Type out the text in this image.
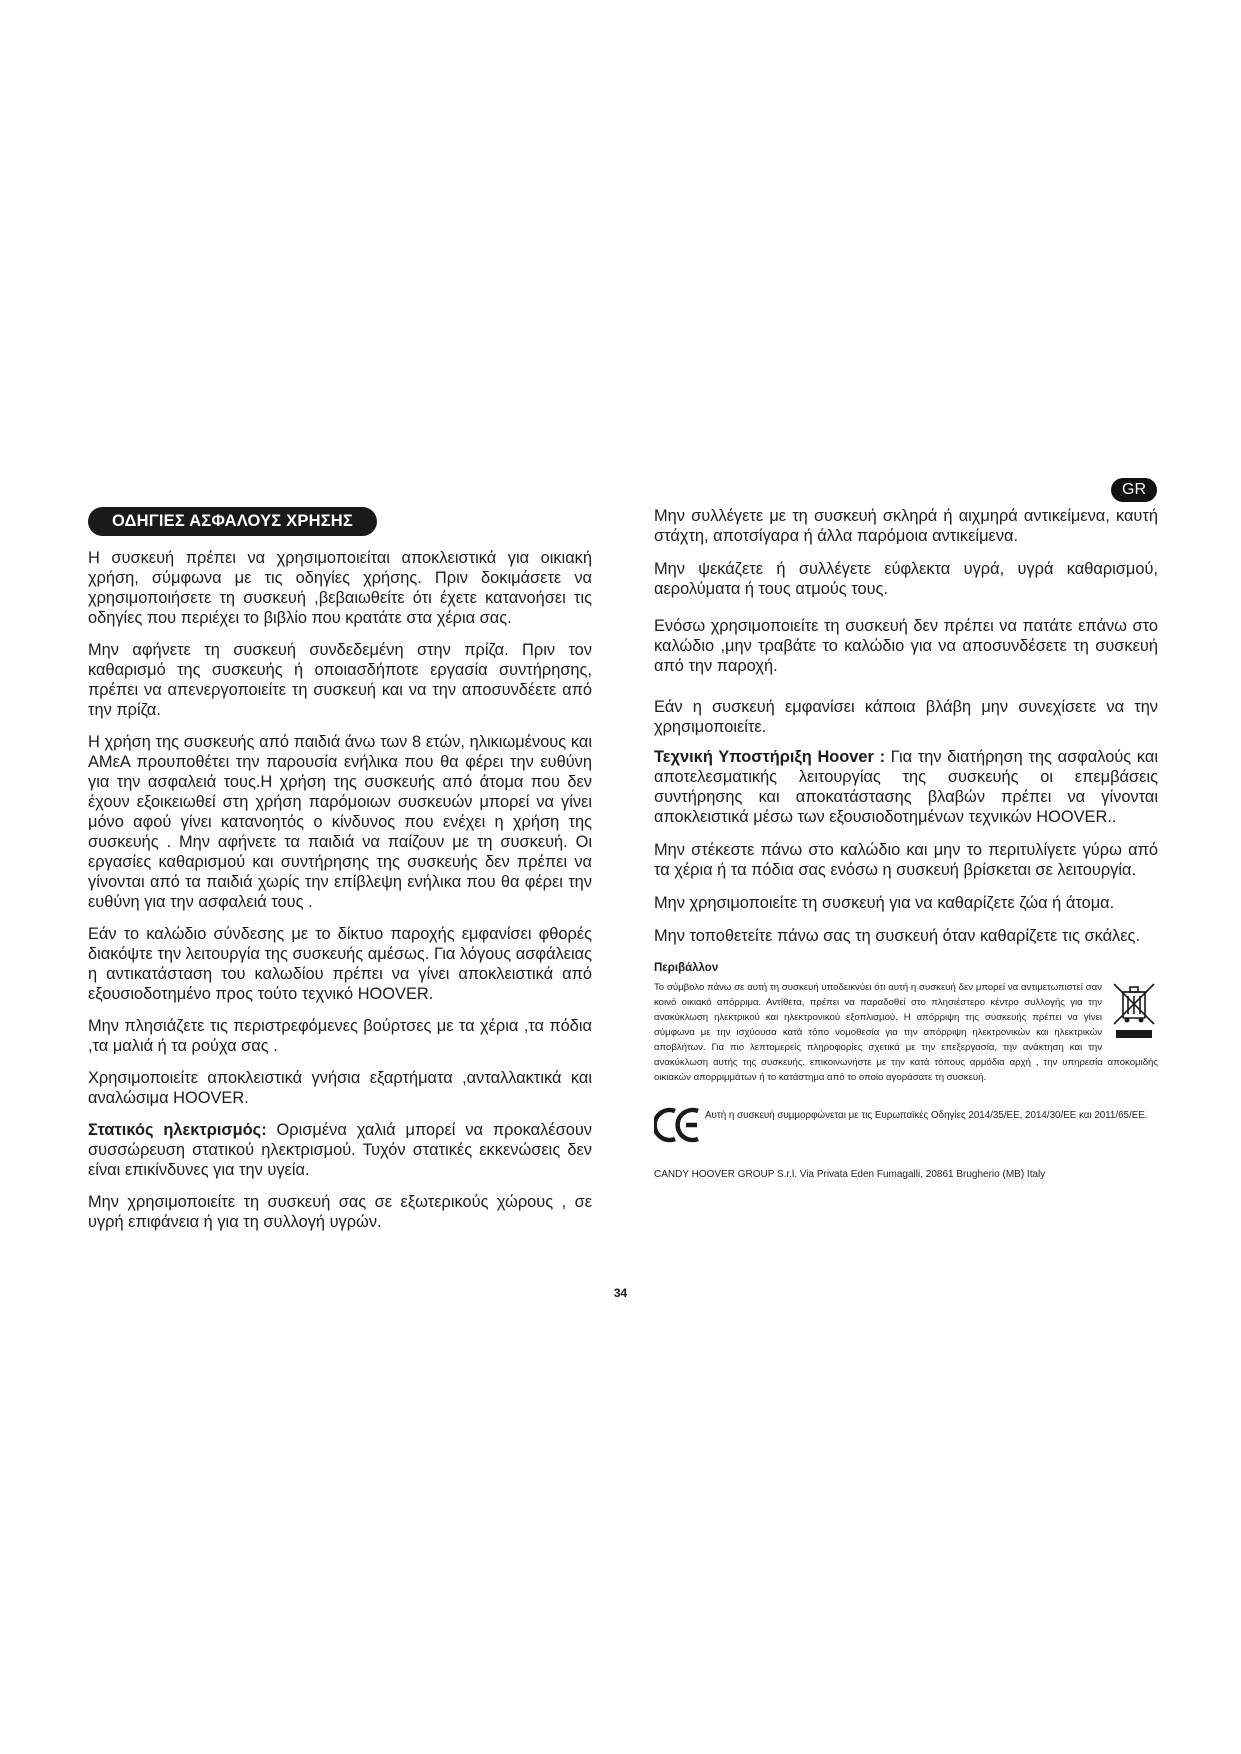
GR
ΟΔΗΓΙΕΣ ΑΣΦΑΛΟΥΣ ΧΡΗΣΗΣ

Η συσκευή πρέπει να χρησιμοποιείται αποκλειστικά για οικιακή χρήση, σύμφωνα με τις οδηγίες χρήσης. Πριν δοκιμάσετε να χρησιμοποιήσετε τη συσκευή ,βεβαιωθείτε ότι έχετε κατανοήσει τις οδηγίες που περιέχει το βιβλίο που κρατάτε στα χέρια σας.

Μην αφήνετε τη συσκευή συνδεδεμένη στην πρίζα. Πριν τον καθαρισμό της συσκευής ή οποιασδήποτε εργασία συντήρησης, πρέπει να απενεργοποιείτε τη συσκευή και να την αποσυνδέετε από την πρίζα.

Η χρήση της συσκευής από παιδιά άνω των 8 ετών, ηλικιωμένους και ΑΜεΑ προυποθέτει την παρουσία ενήλικα που θα φέρει την ευθύνη για την ασφαλειά τους.Η χρήση της συσκευής από άτομα που δεν έχουν εξοικειωθεί στη χρήση παρόμοιων συσκευών μπορεί να γίνει μόνο αφού γίνει κατανοητός ο κίνδυνος που ενέχει η χρήση της συσκευής . Μην αφήνετε τα παιδιά να παίζουν με τη συσκευή. Οι εργασίες καθαρισμού και συντήρησης της συσκευής δεν πρέπει να γίνονται από τα παιδιά χωρίς την επίβλεψη ενήλικα που θα φέρει την ευθύνη για την ασφαλειά τους .

Εάν το καλώδιο σύνδεσης με το δίκτυο παροχής εμφανίσει φθορές διακόψτε την λειτουργία της συσκευής αμέσως. Για λόγους ασφάλειας η αντικατάσταση του καλωδίου πρέπει να γίνει αποκλειστικά από εξουσιοδοτημένο προς τούτο τεχνικό HOOVER.

Μην πλησιάζετε τις περιστρεφόμενες βούρτσες με τα χέρια ,τα πόδια ,τα μαλιά ή τα ρούχα σας .

Χρησιμοποιείτε αποκλειστικά γνήσια εξαρτήματα ,ανταλλακτικά και αναλώσιμα HOOVER.

Στατικός ηλεκτρισμός: Ορισμένα χαλιά μπορεί να προκαλέσουν συσσώρευση στατικού ηλεκτρισμού. Τυχόν στατικές εκκενώσεις δεν είναι επικίνδυνες για την υγεία.

Μην χρησιμοποιείτε τη συσκευή σας σε εξωτερικούς χώρους , σε υγρή επιφάνεια ή για τη συλλογή υγρών.

Μην συλλέγετε με τη συσκευή σκληρά ή αιχμηρά αντικείμενα, καυτή στάχτη, αποτσίγαρα ή άλλα παρόμοια αντικείμενα.

Μην ψεκάζετε ή συλλέγετε εύφλεκτα υγρά, υγρά καθαρισμού, αερολύματα ή τους ατμούς τους.

Ενόσω χρησιμοποιείτε τη συσκευή δεν πρέπει να πατάτε επάνω στο καλώδιο ,μην τραβάτε το καλώδιο για να αποσυνδέσετε τη συσκευή από την παροχή.

Εάν η συσκευή εμφανίσει κάποια βλάβη μην συνεχίσετε να την χρησιμοποιείτε.

Τεχνική Υποστήριξη Hoover : Για την διατήρηση της ασφαλούς και αποτελεσματικής λειτουργίας της συσκευής οι επεμβάσεις συντήρησης και αποκατάστασης βλαβών πρέπει να γίνονται αποκλειστικά μέσω των εξουσιοδοτημένων τεχνικών HOOVER..

Μην στέκεστε πάνω στο καλώδιο και μην το περιτυλίγετε γύρω από τα χέρια ή τα πόδια σας ενόσω η συσκευή βρίσκεται σε λειτουργία.

Μην χρησιμοποιείτε τη συσκευή για να καθαρίζετε ζώα ή άτομα.

Μην τοποθετείτε πάνω σας τη συσκευή όταν καθαρίζετε τις σκάλες.

Περιβάλλον

Το σύμβολο πάνω σε αυτή τη συσκευή υποδεικνύει ότι αυτή η συσκευή δεν μπορεί να αντιμετωπιστεί σαν κοινό οικιακό απόρριμα. Αντίθετα, πρέπει να παραδοθεί στο πλησιέστερο κέντρο συλλογής για την ανακύκλωση ηλεκτρικού και ηλεκτρονικού εξοπλισμού. Η απόρριψη της συσκευής πρέπει να γίνει σύμφωνα με την ισχύουσα κατά τόπο νομοθεσία για την απόρριψη ηλεκτρονικών και ηλεκτρικών αποβλήτων. Για πιο λεπτομερείς πληροφορίες σχετικά με την επεξεργασία, την ανάκτηση και την ανακύκλωση αυτής της συσκευής, επικοινωνήστε με την κατά τόπους αρμόδια αρχή , την υπηρεσία αποκομιδής οικιακών απορριμμάτων ή το κατάστημα από το οποίο αγοράσατε τη συσκευή.

Αυτή η συσκευή συμμορφώνεται με τις Ευρωπαϊκές Οδηγίες 2014/35/ΕΕ, 2014/30/ΕΕ και 2011/65/ΕΕ.

CANDY HOOVER GROUP S.r.l. Via Privata Eden Fumagalli, 20861 Brugherio (MB) Italy

34
